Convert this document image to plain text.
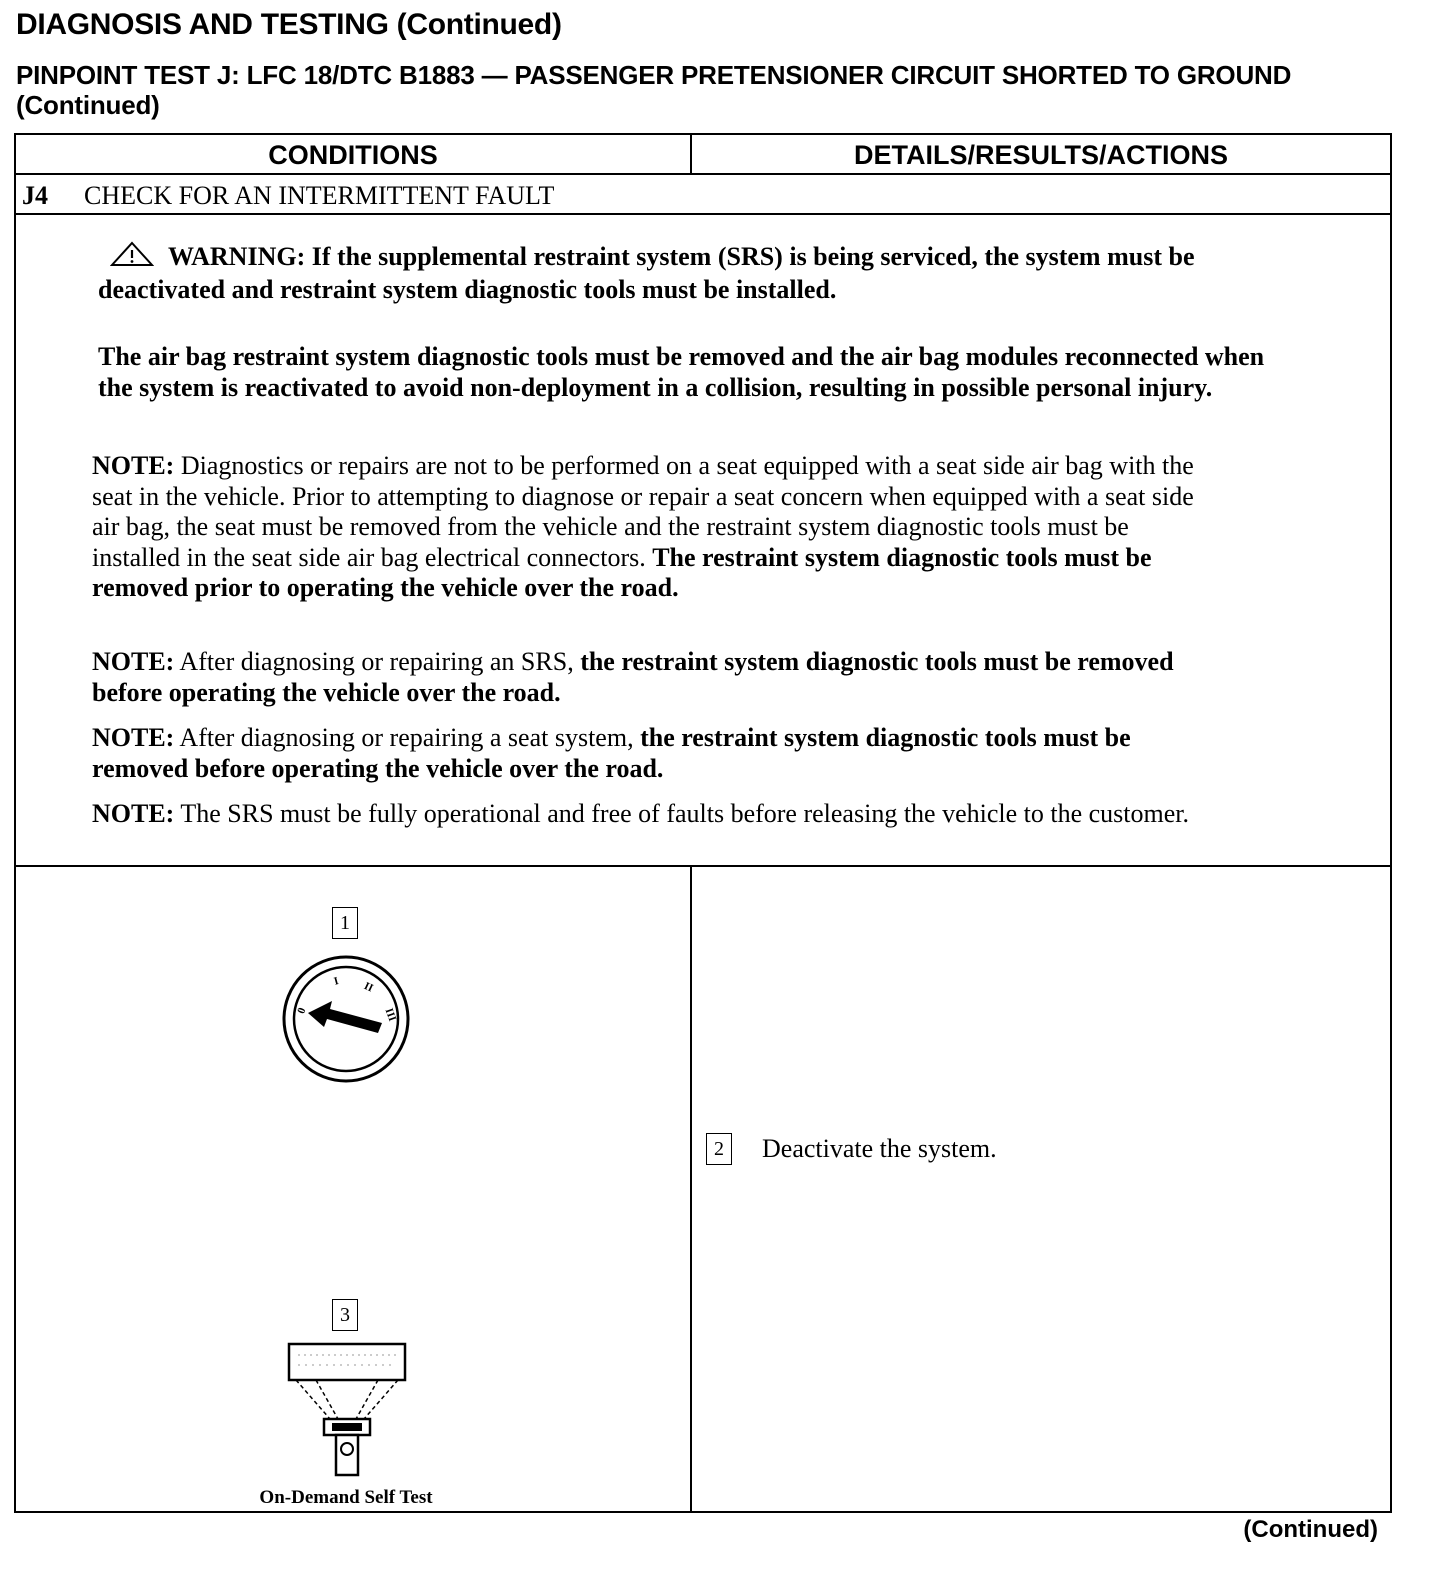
DIAGNOSIS AND TESTING (Continued)
PINPOINT TEST J: LFC 18/DTC B1883 — PASSENGER PRETENSIONER CIRCUIT SHORTED TO GROUND (Continued)
CONDITIONS	DETAILS/RESULTS/ACTIONS
J4 CHECK FOR AN INTERMITTENT FAULT
WARNING: If the supplemental restraint system (SRS) is being serviced, the system must be deactivated and restraint system diagnostic tools must be installed.
The air bag restraint system diagnostic tools must be removed and the air bag modules reconnected when the system is reactivated to avoid non-deployment in a collision, resulting in possible personal injury.
NOTE: Diagnostics or repairs are not to be performed on a seat equipped with a seat side air bag with the seat in the vehicle. Prior to attempting to diagnose or repair a seat concern when equipped with a seat side air bag, the seat must be removed from the vehicle and the restraint system diagnostic tools must be installed in the seat side air bag electrical connectors. The restraint system diagnostic tools must be removed prior to operating the vehicle over the road.
NOTE: After diagnosing or repairing an SRS, the restraint system diagnostic tools must be removed before operating the vehicle over the road.
NOTE: After diagnosing or repairing a seat system, the restraint system diagnostic tools must be removed before operating the vehicle over the road.
NOTE: The SRS must be fully operational and free of faults before releasing the vehicle to the customer.
1
0
I II
III
3
On-Demand Self Test
2	Deactivate the system.
(Continued)
